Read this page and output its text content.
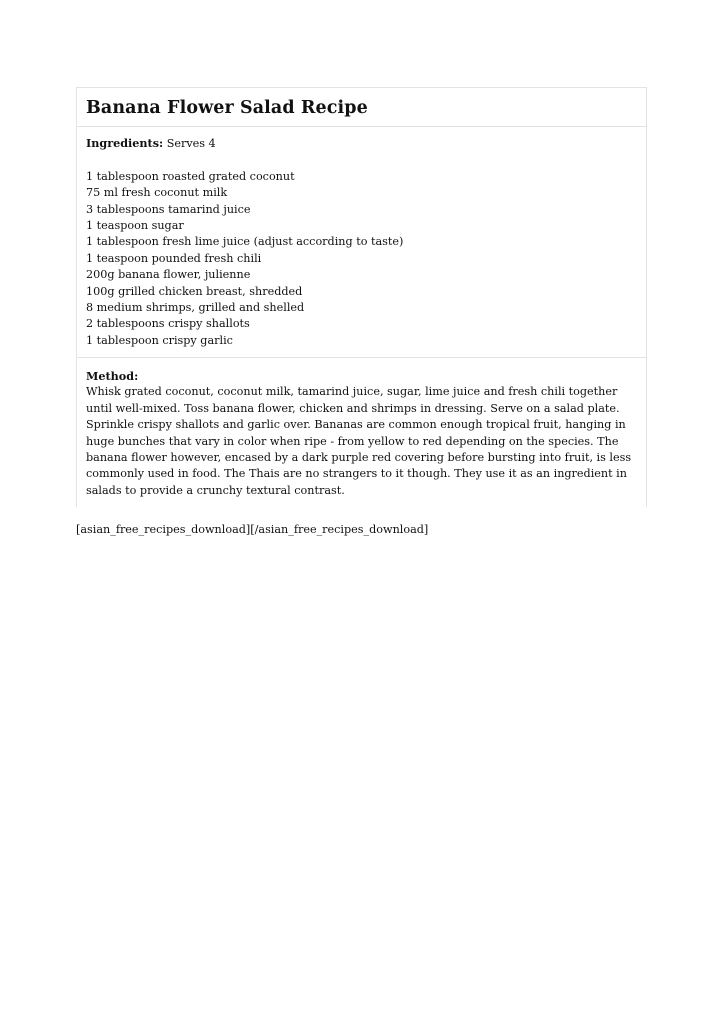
Banana Flower Salad Recipe

Ingredients: Serves 4

1 tablespoon roasted grated coconut
75 ml fresh coconut milk
3 tablespoons tamarind juice
1 teaspoon sugar
1 tablespoon fresh lime juice (adjust according to taste)
1 teaspoon pounded fresh chili
200g banana flower, julienne
100g grilled chicken breast, shredded
8 medium shrimps, grilled and shelled
2 tablespoons crispy shallots
1 tablespoon crispy garlic

Method:

Whisk grated coconut, coconut milk, tamarind juice, sugar, lime juice and fresh chili together until well-mixed. Toss banana flower, chicken and shrimps in dressing. Serve on a salad plate. Sprinkle crispy shallots and garlic over. Bananas are common enough tropical fruit, hanging in huge bunches that vary in color when ripe - from yellow to red depending on the species. The banana flower however, encased by a dark purple red covering before bursting into fruit, is less commonly used in food. The Thais are no strangers to it though. They use it as an ingredient in salads to provide a crunchy textural contrast.

[asian_free_recipes_download][/asian_free_recipes_download]
